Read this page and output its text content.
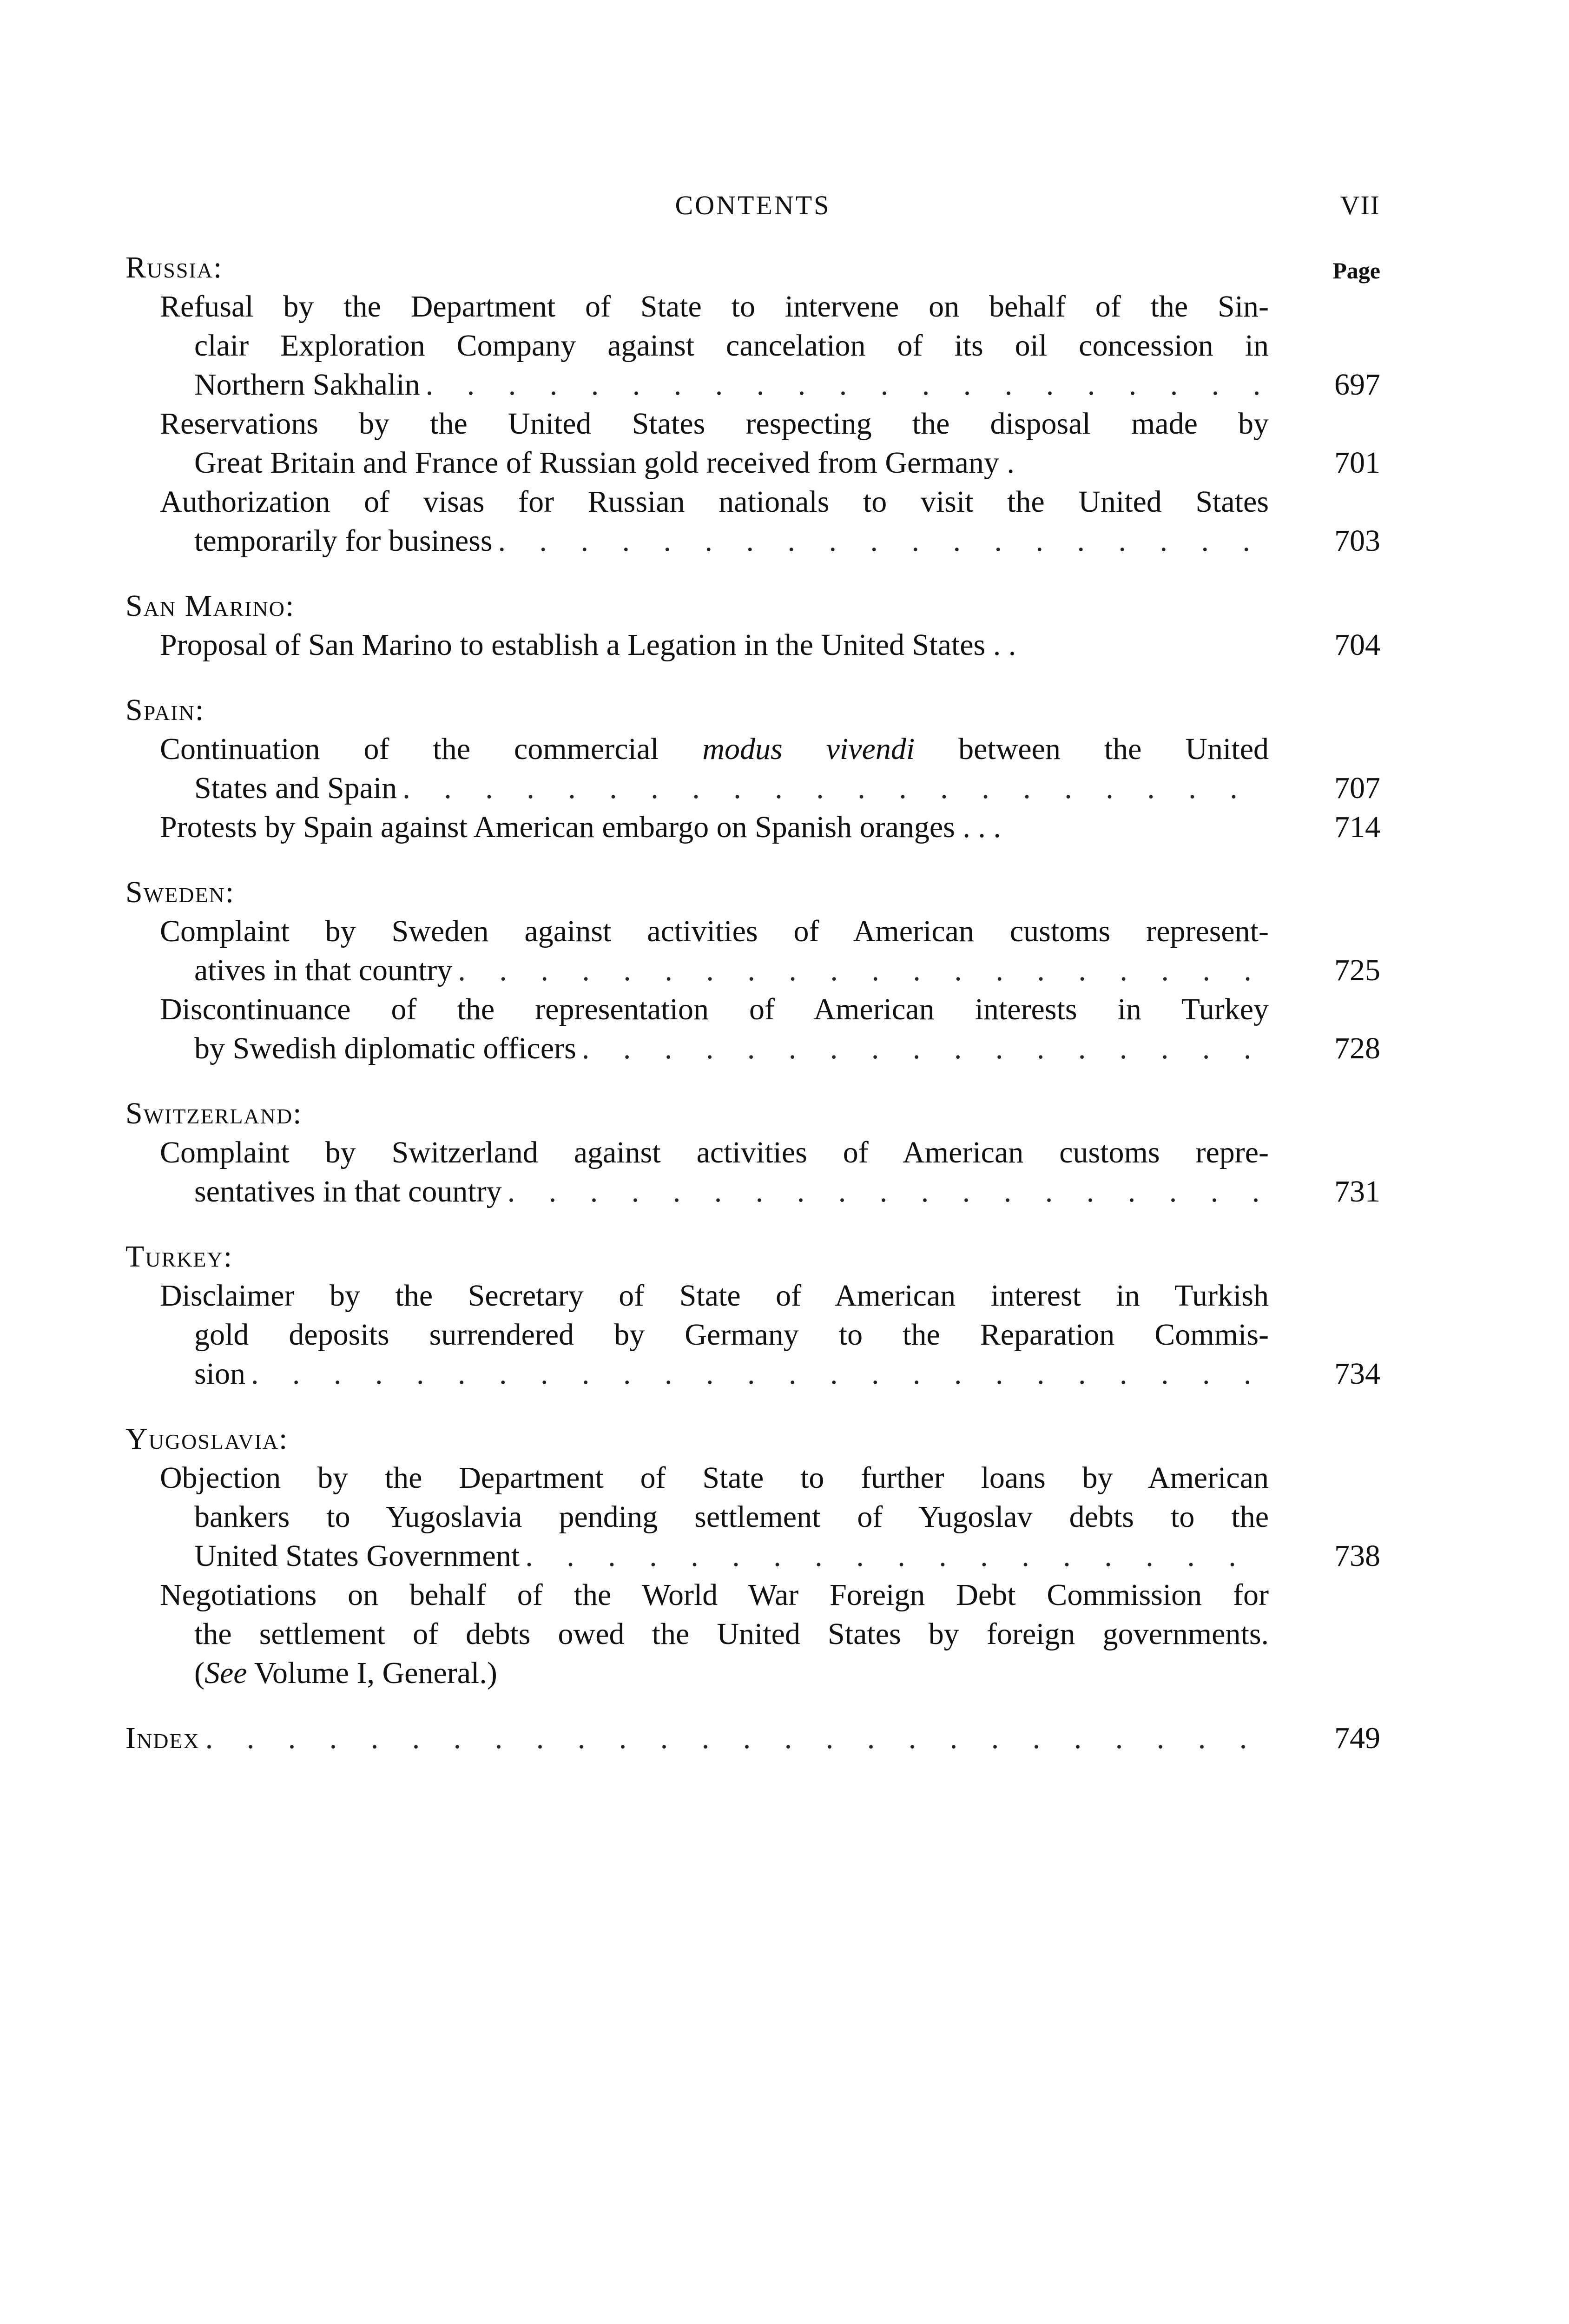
CONTENTS	VII
Russia:	Page
Refusal by the Department of State to intervene on behalf of the Sin-
clair Exploration Company against cancelation of its oil concession in
Northern Sakhalin . . .	697
Reservations by the United States respecting the disposal made by
Great Britain and France of Russian gold received from Germany .	701
Authorization of visas for Russian nationals to visit the United States
temporarily for business . . .	703
San Marino:
Proposal of San Marino to establish a Legation in the United States . .	704
Spain:
Continuation of the commercial modus vivendi between the United
States and Spain . . .	707
Protests by Spain against American embargo on Spanish oranges . . .	714
Sweden:
Complaint by Sweden against activities of American customs represent-
atives in that country . . .	725
Discontinuance of the representation of American interests in Turkey
by Swedish diplomatic officers . . .	728
Switzerland:
Complaint by Switzerland against activities of American customs repre-
sentatives in that country . . .	731
Turkey:
Disclaimer by the Secretary of State of American interest in Turkish
gold deposits surrendered by Germany to the Reparation Commis-
sion . . .	734
Yugoslavia:
Objection by the Department of State to further loans by American
bankers to Yugoslavia pending settlement of Yugoslav debts to the
United States Government . . .	738
Negotiations on behalf of the World War Foreign Debt Commission for
the settlement of debts owed the United States by foreign governments.
(See Volume I, General.)
Index . . .	749
